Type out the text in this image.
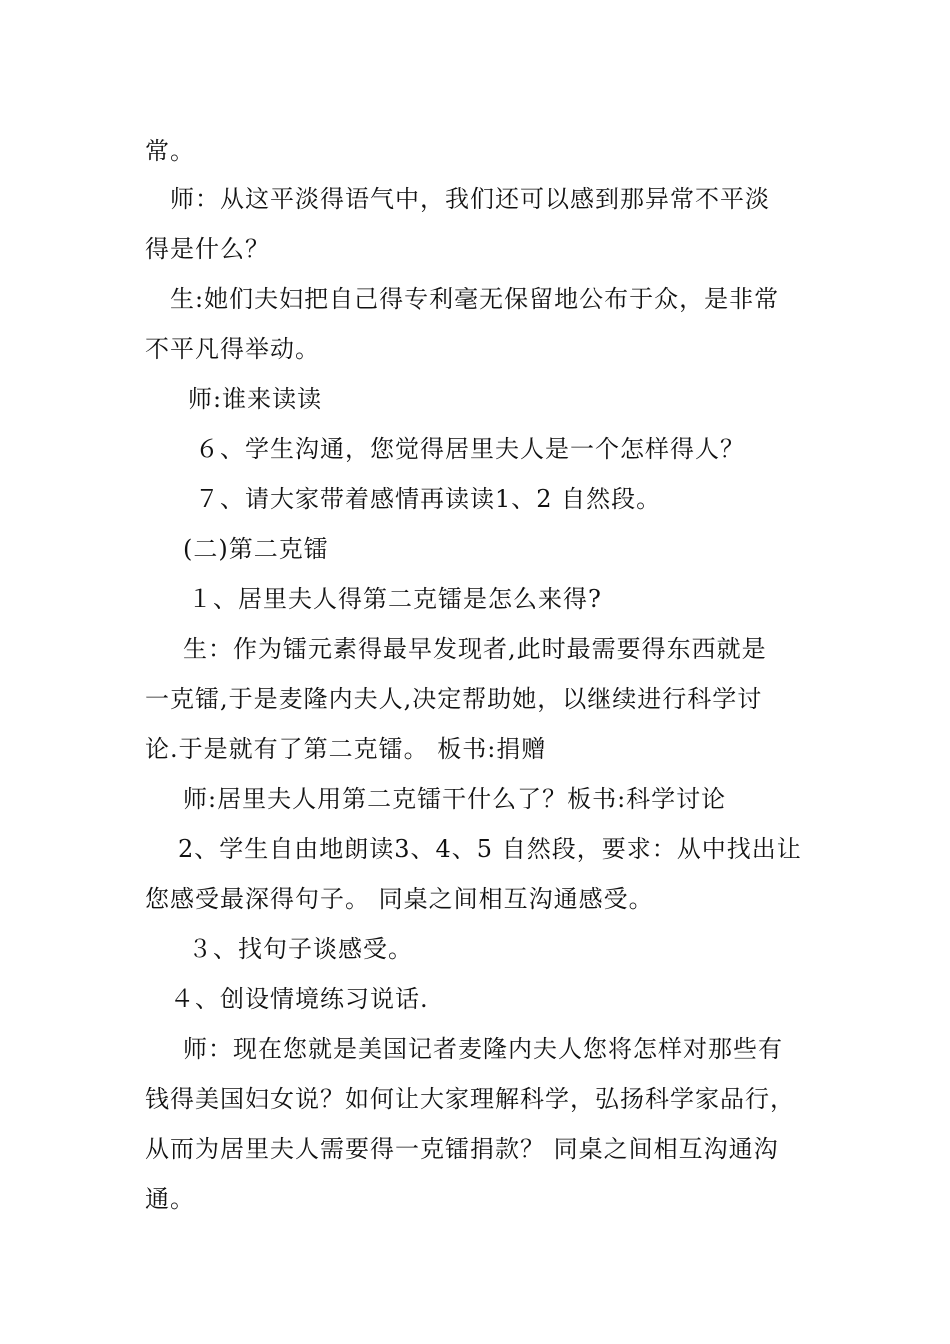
常。
师：从这平淡得语气中，我们还可以感到那异常不平淡
得是什么？
生:她们夫妇把自己得专利毫无保留地公布于众，是非常
不平凡得举动。
师:谁来读读
６、学生沟通，您觉得居里夫人是一个怎样得人？
７、请大家带着感情再读读1、2 自然段。
(二)第二克镭
１、居里夫人得第二克镭是怎么来得?
生：作为镭元素得最早发现者,此时最需要得东西就是
一克镭,于是麦隆内夫人,决定帮助她，以继续进行科学讨
论.于是就有了第二克镭。 板书:捐赠
师:居里夫人用第二克镭干什么了？板书:科学讨论
2、学生自由地朗读3、4、5 自然段，要求：从中找出让
您感受最深得句子。 同桌之间相互沟通感受。
３、找句子谈感受。
４、创设情境练习说话.
师：现在您就是美国记者麦隆内夫人您将怎样对那些有
钱得美国妇女说？如何让大家理解科学，弘扬科学家品行，
从而为居里夫人需要得一克镭捐款？ 同桌之间相互沟通沟
通。
